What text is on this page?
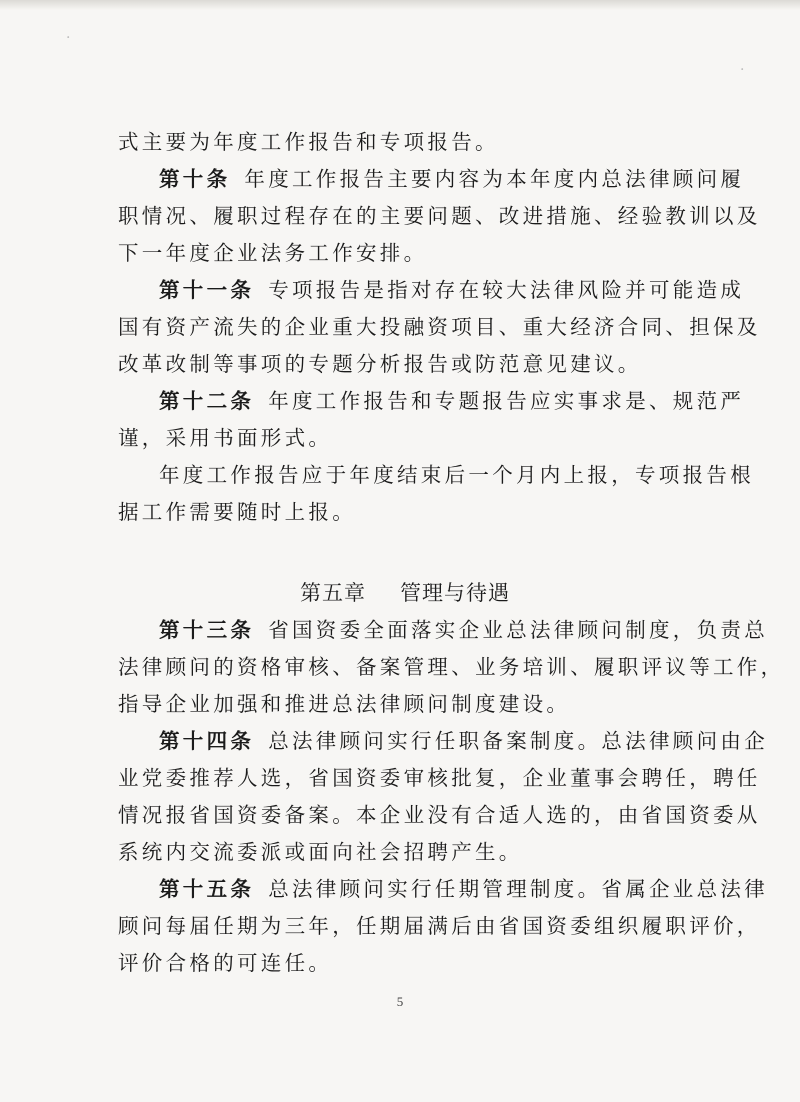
·
·

式主要为年度工作报告和专项报告。

第十条 年度工作报告主要内容为本年度内总法律顾问履

职情况、履职过程存在的主要问题、改进措施、经验教训以及

下一年度企业法务工作安排。

第十一条 专项报告是指对存在较大法律风险并可能造成

国有资产流失的企业重大投融资项目、重大经济合同、担保及

改革改制等事项的专题分析报告或防范意见建议。

第十二条 年度工作报告和专题报告应实事求是、规范严

谨，采用书面形式。

年度工作报告应于年度结束后一个月内上报，专项报告根

据工作需要随时上报。

第五章 管理与待遇

第十三条 省国资委全面落实企业总法律顾问制度，负责总

法律顾问的资格审核、备案管理、业务培训、履职评议等工作，

指导企业加强和推进总法律顾问制度建设。

第十四条 总法律顾问实行任职备案制度。总法律顾问由企

业党委推荐人选，省国资委审核批复，企业董事会聘任，聘任

情况报省国资委备案。本企业没有合适人选的，由省国资委从

系统内交流委派或面向社会招聘产生。

第十五条 总法律顾问实行任期管理制度。省属企业总法律

顾问每届任期为三年，任期届满后由省国资委组织履职评价，

评价合格的可连任。

5
